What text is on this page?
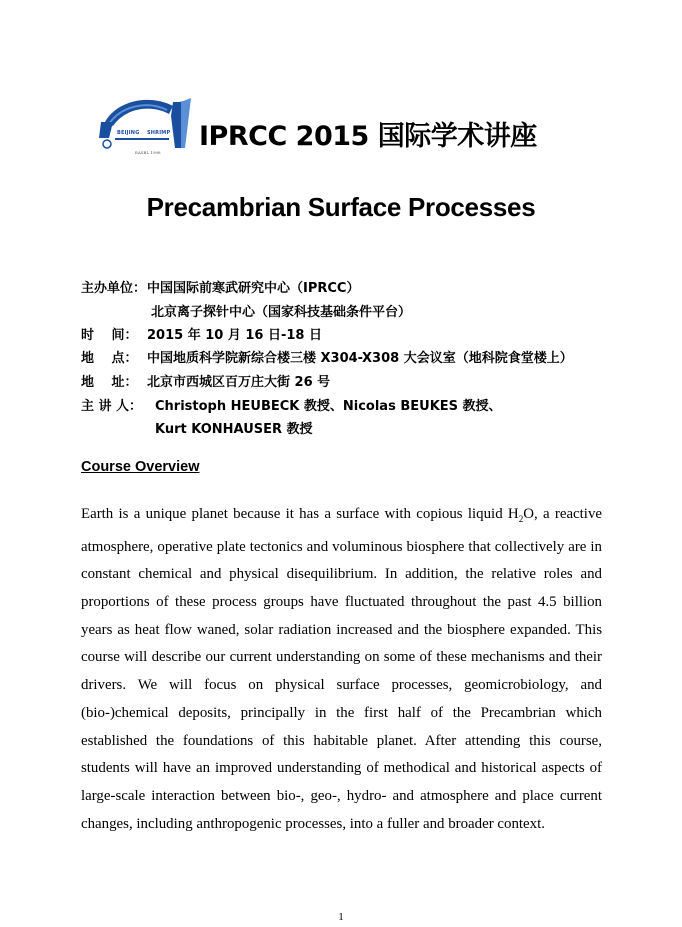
BEIJING SHRIMP
EASBL 1998
IPRCC 2015 国际学术讲座
Precambrian Surface Processes
主办单位：中国国际前寒武研究中心（IPRCC）
北京离子探针中心（国家科技基础条件平台）
时　 间： 2015 年 10 月 16 日-18 日
地　 点： 中国地质科学院新综合楼三楼 X304-X308 大会议室（地科院食堂楼上）
地　 址： 北京市西城区百万庄大街 26 号
主 讲 人： Christoph HEUBECK 教授、Nicolas BEUKES 教授、
Kurt KONHAUSER 教授
Course Overview
Earth is a unique planet because it has a surface with copious liquid $H_2O$, a reactive atmosphere, operative plate tectonics and voluminous biosphere that collectively are in constant chemical and physical disequilibrium. In addition, the relative roles and proportions of these process groups have fluctuated throughout the past 4.5 billion years as heat flow waned, solar radiation increased and the biosphere expanded. This course will describe our current understanding on some of these mechanisms and their drivers. We will focus on physical surface processes, geomicrobiology, and (bio-)chemical deposits, principally in the first half of the Precambrian which established the foundations of this habitable planet. After attending this course, students will have an improved understanding of methodical and historical aspects of large-scale interaction between bio-, geo-, hydro- and atmosphere and place current changes, including anthropogenic processes, into a fuller and broader context.
1
